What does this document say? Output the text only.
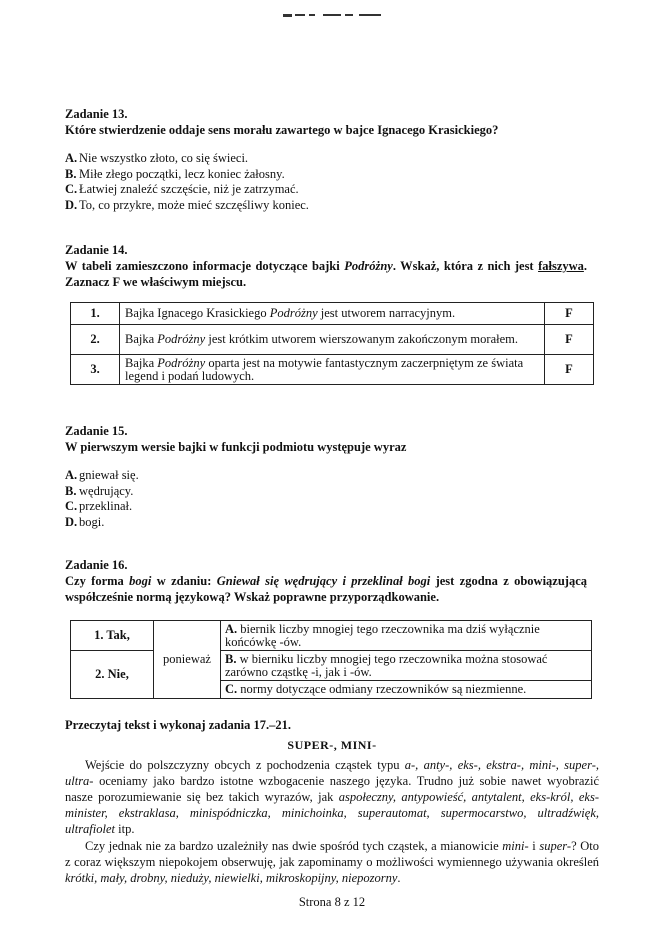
Zadanie 13.
Które stwierdzenie oddaje sens morału zawartego w bajce Ignacego Krasickiego?
A. Nie wszystko złoto, co się świeci.
B. Miłe złego początki, lecz koniec żałosny.
C. Łatwiej znaleźć szczęście, niż je zatrzymać.
D. To, co przykre, może mieć szczęśliwy koniec.
Zadanie 14.
W tabeli zamieszczono informacje dotyczące bajki Podróżny. Wskaż, która z nich jest fałszywa. Zaznacz F we właściwym miejscu.
1.	Bajka Ignacego Krasickiego Podróżny jest utworem narracyjnym.	F
2.	Bajka Podróżny jest krótkim utworem wierszowanym zakończonym morałem.	F
3.	Bajka Podróżny oparta jest na motywie fantastycznym zaczerpniętym ze świata legend i podań ludowych.	F
Zadanie 15.
W pierwszym wersie bajki w funkcji podmiotu występuje wyraz
A. gniewał się.
B. wędrujący.
C. przeklinał.
D. bogi.
Zadanie 16.
Czy forma bogi w zdaniu: Gniewał się wędrujący i przeklinał bogi jest zgodna z obowiązującą współcześnie normą językową? Wskaż poprawne przyporządkowanie.
1. Tak,	ponieważ	A. biernik liczby mnogiej tego rzeczownika ma dziś wyłącznie końcówkę -ów.
2. Nie,		B. w bierniku liczby mnogiej tego rzeczownika można stosować zarówno cząstkę -i, jak i -ów.
		C. normy dotyczące odmiany rzeczowników są niezmienne.
Przeczytaj tekst i wykonaj zadania 17.–21.
SUPER-, MINI-
Wejście do polszczyzny obcych z pochodzenia cząstek typu a-, anty-, eks-, ekstra-, mini-, super-, ultra- oceniamy jako bardzo istotne wzbogacenie naszego języka. Trudno już sobie nawet wyobrazić nasze porozumiewanie się bez takich wyrazów, jak aspołeczny, antypowieść, antytalent, eks-król, eks-minister, ekstraklasa, minispódniczka, minichoinka, superautomat, supermocarstwo, ultradźwięk, ultrafiolet itp.
Czy jednak nie za bardzo uzależniły nas dwie spośród tych cząstek, a mianowicie mini- i super-? Oto z coraz większym niepokojem obserwuję, jak zapominamy o możliwości wymiennego używania określeń krótki, mały, drobny, niedużу, niewielki, mikroskopijny, niepozorny.
Strona 8 z 12
